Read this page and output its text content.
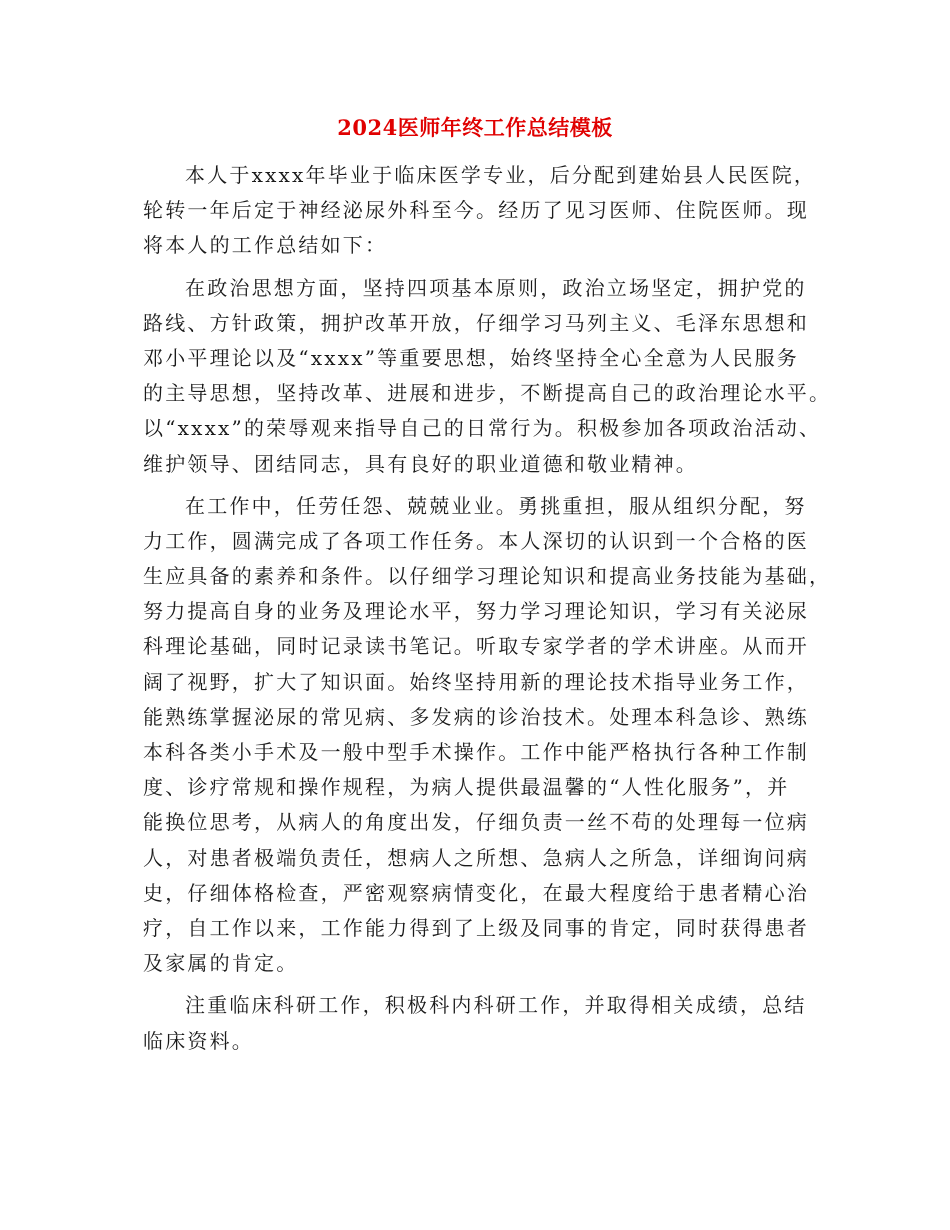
2024医师年终工作总结模板
本人于xxxx年毕业于临床医学专业，后分配到建始县人民医院，
轮转一年后定于神经泌尿外科至今。经历了见习医师、住院医师。现
将本人的工作总结如下：
在政治思想方面，坚持四项基本原则，政治立场坚定，拥护党的
路线、方针政策，拥护改革开放，仔细学习马列主义、毛泽东思想和
邓小平理论以及“xxxx”等重要思想，始终坚持全心全意为人民服务
的主导思想，坚持改革、进展和进步，不断提高自己的政治理论水平。
以“xxxx”的荣辱观来指导自己的日常行为。积极参加各项政治活动、
维护领导、团结同志，具有良好的职业道德和敬业精神。
在工作中，任劳任怨、兢兢业业。勇挑重担，服从组织分配，努
力工作，圆满完成了各项工作任务。本人深切的认识到一个合格的医
生应具备的素养和条件。以仔细学习理论知识和提高业务技能为基础，
努力提高自身的业务及理论水平，努力学习理论知识，学习有关泌尿
科理论基础，同时记录读书笔记。听取专家学者的学术讲座。从而开
阔了视野，扩大了知识面。始终坚持用新的理论技术指导业务工作，
能熟练掌握泌尿的常见病、多发病的诊治技术。处理本科急诊、熟练
本科各类小手术及一般中型手术操作。工作中能严格执行各种工作制
度、诊疗常规和操作规程，为病人提供最温馨的“人性化服务”，并
能换位思考，从病人的角度出发，仔细负责一丝不苟的处理每一位病
人，对患者极端负责任，想病人之所想、急病人之所急，详细询问病
史，仔细体格检查，严密观察病情变化，在最大程度给于患者精心治
疗，自工作以来，工作能力得到了上级及同事的肯定，同时获得患者
及家属的肯定。
注重临床科研工作，积极科内科研工作，并取得相关成绩，总结
临床资料。
